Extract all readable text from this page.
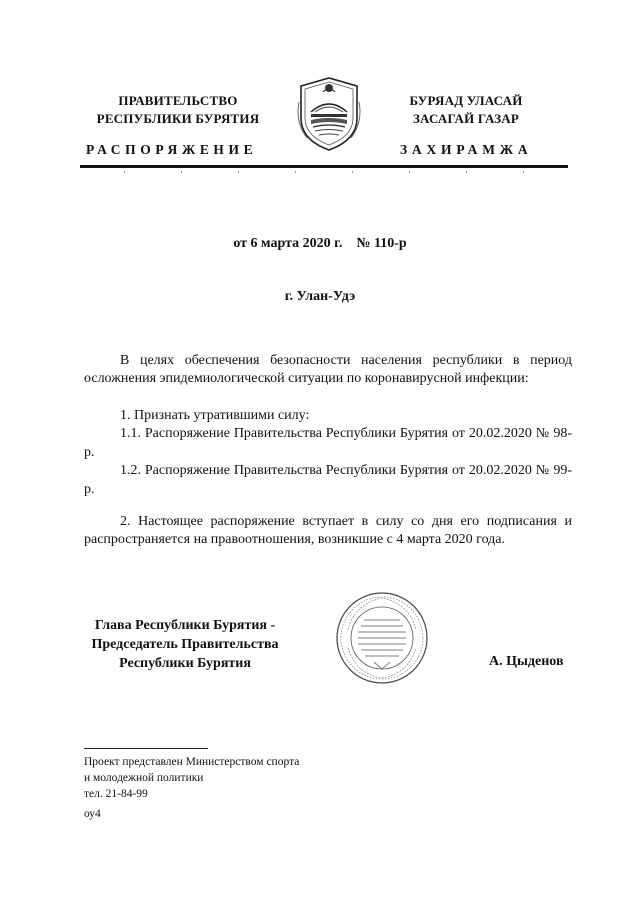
ПРАВИТЕЛЬСТВО
РЕСПУБЛИКИ БУРЯТИЯ
РАСПОРЯЖЕНИЕ
БУРЯАД УЛАСАЙ
ЗАСАГАЙ ГАЗАР
ЗАХИРАМЖА
от 6 марта 2020 г. № 110-р
г. Улан-Удэ

В целях обеспечения безопасности населения республики в период осложнения эпидемиологической ситуации по коронавирусной инфекции:

1. Признать утратившими силу:

1.1. Распоряжение Правительства Республики Бурятия от 20.02.2020 № 98-р.

1.2. Распоряжение Правительства Республики Бурятия от 20.02.2020 № 99-р.

2. Настоящее распоряжение вступает в силу со дня его подписания и распространяется на правоотношения, возникшие с 4 марта 2020 года.

Глава Республики Бурятия -
Председатель Правительства
Республики Бурятия	А. Цыденов
Проект представлен Министерством спорта
и молодежной политики
тел. 21-84-99
оу4
